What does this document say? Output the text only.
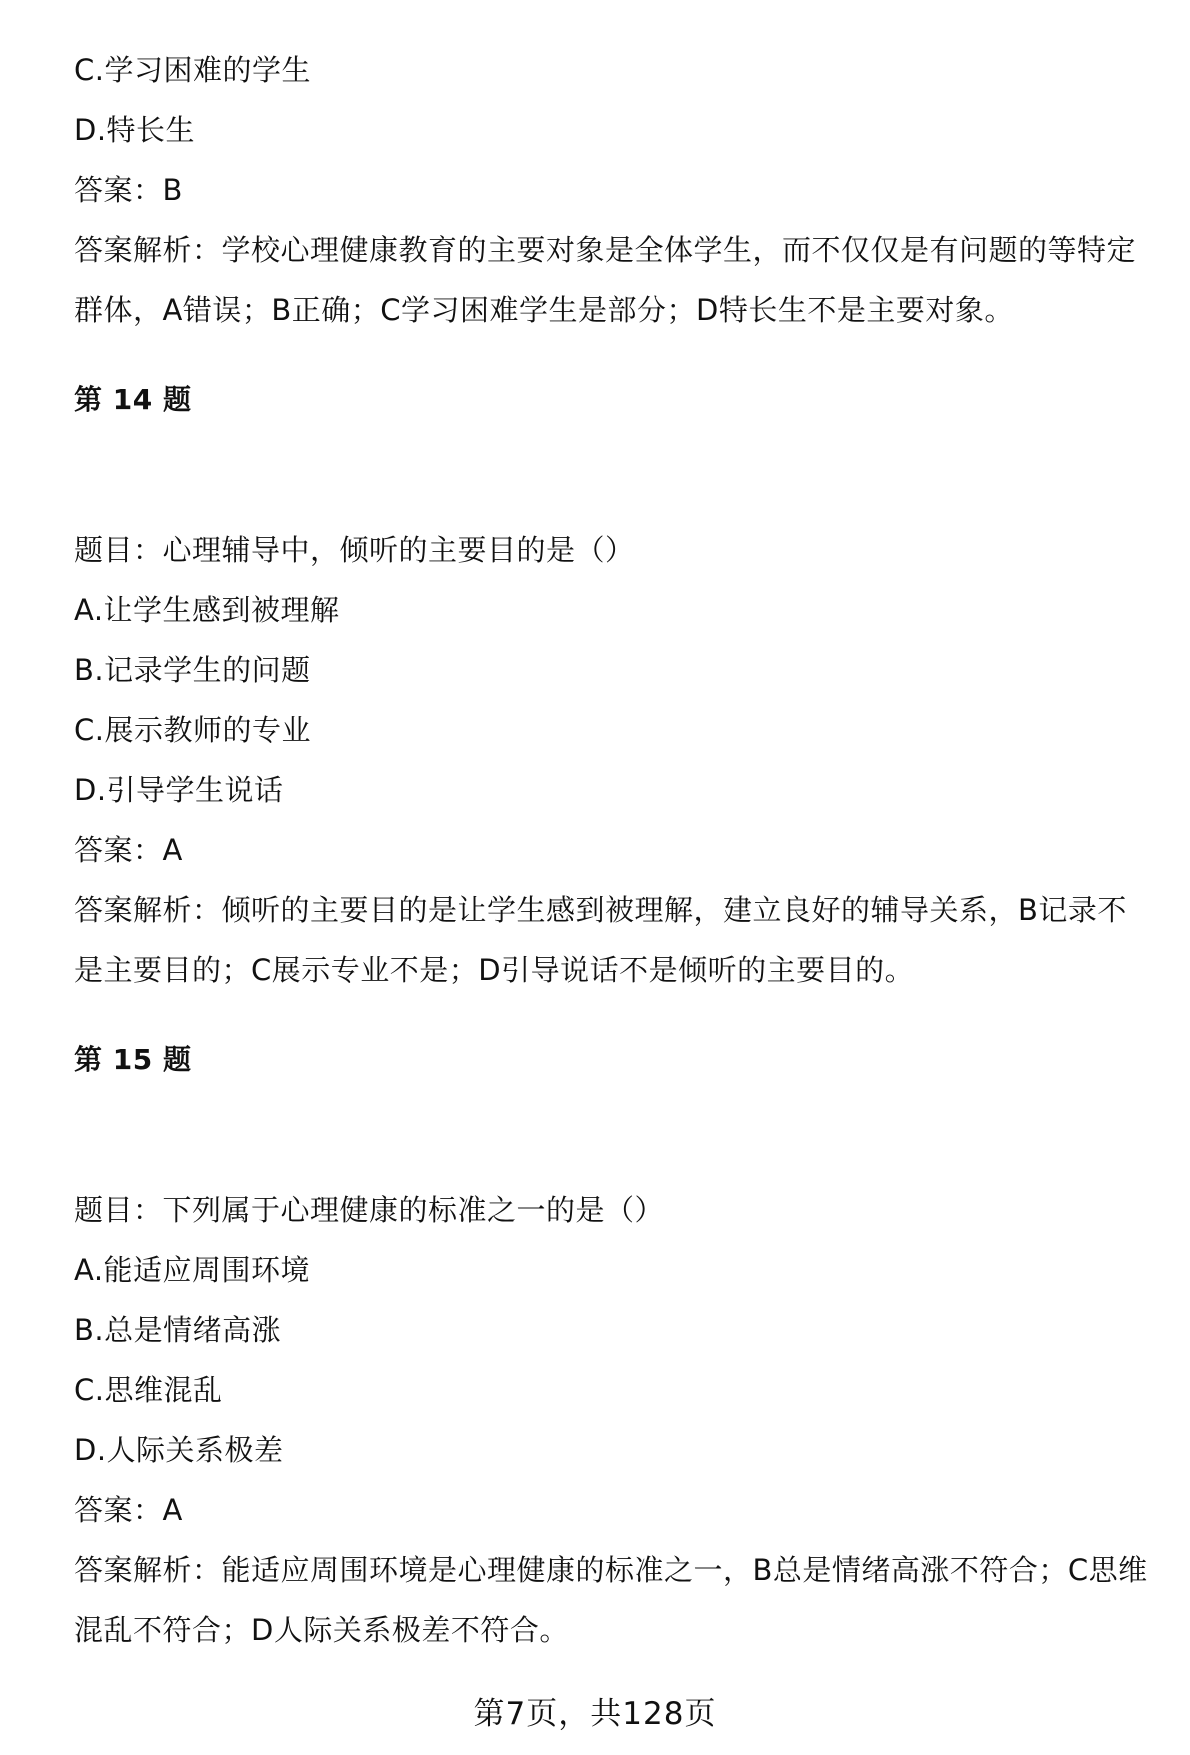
C.学习困难的学生
D.特长生
答案：B
答案解析：学校心理健康教育的主要对象是全体学生，而不仅仅是有问题的等特定
群体，A错误；B正确；C学习困难学生是部分；D特长生不是主要对象。
第 14 题
题目：心理辅导中，倾听的主要目的是（）
A.让学生感到被理解
B.记录学生的问题
C.展示教师的专业
D.引导学生说话
答案：A
答案解析：倾听的主要目的是让学生感到被理解，建立良好的辅导关系，B记录不
是主要目的；C展示专业不是；D引导说话不是倾听的主要目的。
第 15 题
题目：下列属于心理健康的标准之一的是（）
A.能适应周围环境
B.总是情绪高涨
C.思维混乱
D.人际关系极差
答案：A
答案解析：能适应周围环境是心理健康的标准之一，B总是情绪高涨不符合；C思维
混乱不符合；D人际关系极差不符合。
第7页，共128页
